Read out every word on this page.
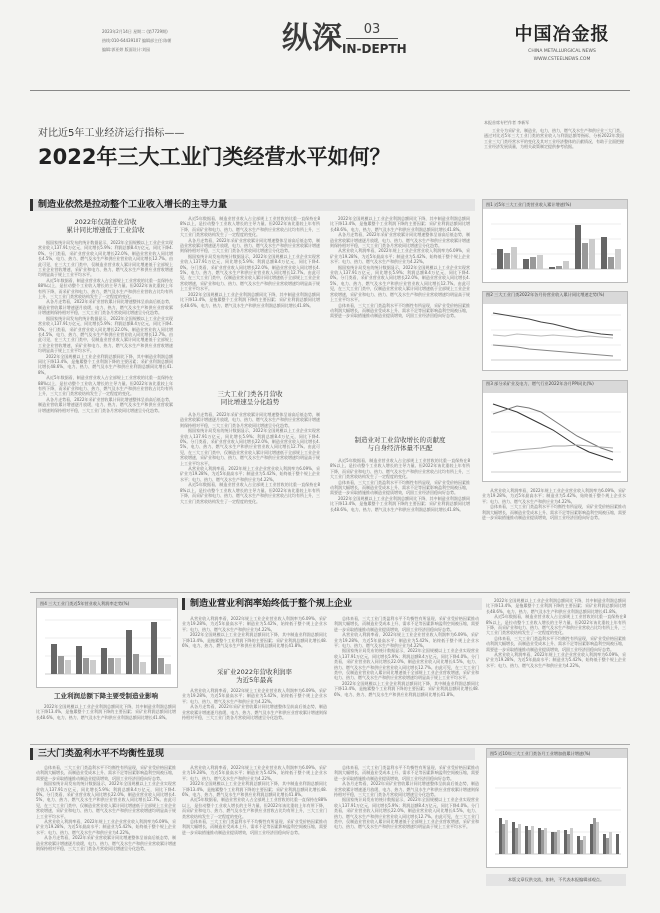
2023年2月14日 星期二 (第7729期)
热线:010-64439107 编辑部主任:陈朝
编辑:郭亚婷 版面设计:刘园	纵深	03
IN-DEPTH
中国冶金报
CHINA METALLURGICAL NEWS
WWW.CSTEELNEWS.COM
对比近5年工业经济运行指标——
2022年三大工业门类经营水平如何？
本报首席专栏作者 李新军

工业分为采矿业，制造业，电力，热力，燃气及水生产和供应业三大门类。通过对比近5年三大工业门类的营业收入与利润总额等指标，分析2022年我国工业三大门类经营水平的变化及其对工业经济整体的贡献情况，有助于全面把握工业经济发展质量，为相关政策制定提供参考依据。

制造业依然是拉动整个工业收入增长的主导力量
2022年仅制造业营收
累计同比增速低于工业营收

据国家统计局发布的统计数据显示，2022年全国规模以上工业企业实现营业收入137.91万亿元，同比增长5.9%；利润总额8.4万亿元，同比下降4.0%。分门类看，采矿业营业收入同比增长22.0%，制造业营业收入同比增长4.5%，电力、热力、燃气及水生产和供应业营业收入同比增长12.7%。由此可见，在三大工业门类中，仅制造业营业收入累计同比增速低于全部规上工业企业营收增速，采矿业和电力、热力、燃气及水生产和供应业营收增速均明显高于规上工业平均水平。

从近5年数据看，制造业营业收入占全部规上工业营收的比重一直保持在88%以上，是拉动整个工业收入增长的主导力量。但2022年该比重较上年有所下降，而采矿业和电力、热力、燃气及水生产和供应业营收占比均有所上升，三大工业门类营收结构发生了一定程度的变化。

从各月走势看，2022年采矿业营收累计同比增速整体呈前高后低态势，制造业营收累计增速逐月放缓，电力、热力、燃气及水生产和供应业营收累计增速则保持相对平稳，三大工业门类各月营收同比增速呈分化趋势。

据国家统计局发布的统计数据显示，2022年全国规模以上工业企业实现营业收入137.91万亿元，同比增长5.9%；利润总额8.4万亿元，同比下降4.0%。分门类看，采矿业营业收入同比增长22.0%，制造业营业收入同比增长4.5%，电力、热力、燃气及水生产和供应业营业收入同比增长12.7%。由此可见，在三大工业门类中，仅制造业营业收入累计同比增速低于全部规上工业企业营收增速，采矿业和电力、热力、燃气及水生产和供应业营收增速均明显高于规上工业平均水平。

2022年全国规模以上工业企业利润总额同比下降，其中制造业利润总额同比下降13.4%，是拖累整个工业利润下降的主要因素；采矿业利润总额同比增长48.6%，电力、热力、燃气及水生产和供应业利润总额同比增长41.8%。

从近5年数据看，制造业营业收入占全部规上工业营收的比重一直保持在88%以上，是拉动整个工业收入增长的主导力量。但2022年该比重较上年有所下降，而采矿业和电力、热力、燃气及水生产和供应业营收占比均有所上升，三大工业门类营收结构发生了一定程度的变化。

从各月走势看，2022年采矿业营收累计同比增速整体呈前高后低态势，制造业营收累计增速逐月放缓，电力、热力、燃气及水生产和供应业营收累计增速则保持相对平稳，三大工业门类各月营收同比增速呈分化趋势。

从近5年数据看，制造业营业收入占全部规上工业营收的比重一直保持在88%以上，是拉动整个工业收入增长的主导力量。但2022年该比重较上年有所下降，而采矿业和电力、热力、燃气及水生产和供应业营收占比均有所上升，三大工业门类营收结构发生了一定程度的变化。

从各月走势看，2022年采矿业营收累计同比增速整体呈前高后低态势，制造业营收累计增速逐月放缓，电力、热力、燃气及水生产和供应业营收累计增速则保持相对平稳，三大工业门类各月营收同比增速呈分化趋势。

据国家统计局发布的统计数据显示，2022年全国规模以上工业企业实现营业收入137.91万亿元，同比增长5.9%；利润总额8.4万亿元，同比下降4.0%。分门类看，采矿业营业收入同比增长22.0%，制造业营业收入同比增长4.5%，电力、热力、燃气及水生产和供应业营业收入同比增长12.7%。由此可见，在三大工业门类中，仅制造业营业收入累计同比增速低于全部规上工业企业营收增速，采矿业和电力、热力、燃气及水生产和供应业营收增速均明显高于规上工业平均水平。

2022年全国规模以上工业企业利润总额同比下降，其中制造业利润总额同比下降13.4%，是拖累整个工业利润下降的主要因素；采矿业利润总额同比增长48.6%，电力、热力、燃气及水生产和供应业利润总额同比增长41.8%。

三大工业门类各月营收
同比增速呈分化趋势

从各月走势看，2022年采矿业营收累计同比增速整体呈前高后低态势，制造业营收累计增速逐月放缓，电力、热力、燃气及水生产和供应业营收累计增速则保持相对平稳，三大工业门类各月营收同比增速呈分化趋势。

据国家统计局发布的统计数据显示，2022年全国规模以上工业企业实现营业收入137.91万亿元，同比增长5.9%；利润总额8.4万亿元，同比下降4.0%。分门类看，采矿业营业收入同比增长22.0%，制造业营业收入同比增长4.5%，电力、热力、燃气及水生产和供应业营业收入同比增长12.7%。由此可见，在三大工业门类中，仅制造业营业收入累计同比增速低于全部规上工业企业营收增速，采矿业和电力、热力、燃气及水生产和供应业营收增速均明显高于规上工业平均水平。

从营业收入利润率看，2022年规上工业企业营业收入利润率为6.09%，采矿业为19.28%，为近5年最高水平；制造业为5.42%，始终低于整个规上企业水平；电力、热力、燃气及水生产和供应业为4.22%。

从近5年数据看，制造业营业收入占全部规上工业营收的比重一直保持在88%以上，是拉动整个工业收入增长的主导力量。但2022年该比重较上年有所下降，而采矿业和电力、热力、燃气及水生产和供应业营收占比均有所上升，三大工业门类营收结构发生了一定程度的变化。

2022年全国规模以上工业企业利润总额同比下降，其中制造业利润总额同比下降13.4%，是拖累整个工业利润下降的主要因素；采矿业利润总额同比增长48.6%，电力、热力、燃气及水生产和供应业利润总额同比增长41.8%。

从各月走势看，2022年采矿业营收累计同比增速整体呈前高后低态势，制造业营收累计增速逐月放缓，电力、热力、燃气及水生产和供应业营收累计增速则保持相对平稳，三大工业门类各月营收同比增速呈分化趋势。

从营业收入利润率看，2022年规上工业企业营业收入利润率为6.09%，采矿业为19.28%，为近5年最高水平；制造业为5.42%，始终低于整个规上企业水平；电力、热力、燃气及水生产和供应业为4.22%。

据国家统计局发布的统计数据显示，2022年全国规模以上工业企业实现营业收入137.91万亿元，同比增长5.9%；利润总额8.4万亿元，同比下降4.0%。分门类看，采矿业营业收入同比增长22.0%，制造业营业收入同比增长4.5%，电力、热力、燃气及水生产和供应业营业收入同比增长12.7%。由此可见，在三大工业门类中，仅制造业营业收入累计同比增速低于全部规上工业企业营收增速，采矿业和电力、热力、燃气及水生产和供应业营收增速均明显高于规上工业平均水平。

总体来看，三大工业门类盈利水平不均衡性有所显现，采矿业受价格因素推动利润大幅增长，而制造业受成本上升、需求不足等因素影响盈利空间被压缩，需要进一步采取措施推动制造业提质增效，巩固工业经济回稳向好态势。

制造业对工业营收增长的贡献度
与自身经济体量不匹配

从近5年数据看，制造业营业收入占全部规上工业营收的比重一直保持在88%以上，是拉动整个工业收入增长的主导力量。但2022年该比重较上年有所下降，而采矿业和电力、热力、燃气及水生产和供应业营收占比均有所上升，三大工业门类营收结构发生了一定程度的变化。

总体来看，三大工业门类盈利水平不均衡性有所显现，采矿业受价格因素推动利润大幅增长，而制造业受成本上升、需求不足等因素影响盈利空间被压缩，需要进一步采取措施推动制造业提质增效，巩固工业经济回稳向好态势。

2022年全国规模以上工业企业利润总额同比下降，其中制造业利润总额同比下降13.4%，是拖累整个工业利润下降的主要因素；采矿业利润总额同比增长48.6%，电力、热力、燃气及水生产和供应业利润总额同比增长41.8%。

图1 近5年三大工业门类营业收入累计增速(%)
图2 三大工业门类2022年各月份营业收入累计同比增速走势(%)
图3 部分采矿业及电力、燃气行业2022年各月PPI同比(%)

从营业收入利润率看，2022年规上工业企业营业收入利润率为6.09%，采矿业为19.28%，为近5年最高水平；制造业为5.42%，始终低于整个规上企业水平；电力、热力、燃气及水生产和供应业为4.22%。

总体来看，三大工业门类盈利水平不均衡性有所显现，采矿业受价格因素推动利润大幅增长，而制造业受成本上升、需求不足等因素影响盈利空间被压缩，需要进一步采取措施推动制造业提质增效，巩固工业经济回稳向好态势。

图4 三大工业门类近5年营业收入利润率走势(%)
工业利润总额下降主要受制造业影响

2022年全国规模以上工业企业利润总额同比下降，其中制造业利润总额同比下降13.4%，是拖累整个工业利润下降的主要因素；采矿业利润总额同比增长48.6%，电力、热力、燃气及水生产和供应业利润总额同比增长41.8%。

制造业营业利润率始终低于整个规上企业

从营业收入利润率看，2022年规上工业企业营业收入利润率为6.09%，采矿业为19.28%，为近5年最高水平；制造业为5.42%，始终低于整个规上企业水平；电力、热力、燃气及水生产和供应业为4.22%。

2022年全国规模以上工业企业利润总额同比下降，其中制造业利润总额同比下降13.4%，是拖累整个工业利润下降的主要因素；采矿业利润总额同比增长48.6%，电力、热力、燃气及水生产和供应业利润总额同比增长41.8%。

采矿业2022年营收利润率
为近5年最高

从营业收入利润率看，2022年规上工业企业营业收入利润率为6.09%，采矿业为19.28%，为近5年最高水平；制造业为5.42%，始终低于整个规上企业水平；电力、热力、燃气及水生产和供应业为4.22%。

从各月走势看，2022年采矿业营收累计同比增速整体呈前高后低态势，制造业营收累计增速逐月放缓，电力、热力、燃气及水生产和供应业营收累计增速则保持相对平稳，三大工业门类各月营收同比增速呈分化趋势。

总体来看，三大工业门类盈利水平不均衡性有所显现，采矿业受价格因素推动利润大幅增长，而制造业受成本上升、需求不足等因素影响盈利空间被压缩，需要进一步采取措施推动制造业提质增效，巩固工业经济回稳向好态势。

从营业收入利润率看，2022年规上工业企业营业收入利润率为6.09%，采矿业为19.28%，为近5年最高水平；制造业为5.42%，始终低于整个规上企业水平；电力、热力、燃气及水生产和供应业为4.22%。

据国家统计局发布的统计数据显示，2022年全国规模以上工业企业实现营业收入137.91万亿元，同比增长5.9%；利润总额8.4万亿元，同比下降4.0%。分门类看，采矿业营业收入同比增长22.0%，制造业营业收入同比增长4.5%，电力、热力、燃气及水生产和供应业营业收入同比增长12.7%。由此可见，在三大工业门类中，仅制造业营业收入累计同比增速低于全部规上工业企业营收增速，采矿业和电力、热力、燃气及水生产和供应业营收增速均明显高于规上工业平均水平。

2022年全国规模以上工业企业利润总额同比下降，其中制造业利润总额同比下降13.4%，是拖累整个工业利润下降的主要因素；采矿业利润总额同比增长48.6%，电力、热力、燃气及水生产和供应业利润总额同比增长41.8%。

2022年全国规模以上工业企业利润总额同比下降，其中制造业利润总额同比下降13.4%，是拖累整个工业利润下降的主要因素；采矿业利润总额同比增长48.6%，电力、热力、燃气及水生产和供应业利润总额同比增长41.8%。

从近5年数据看，制造业营业收入占全部规上工业营收的比重一直保持在88%以上，是拉动整个工业收入增长的主导力量。但2022年该比重较上年有所下降，而采矿业和电力、热力、燃气及水生产和供应业营收占比均有所上升，三大工业门类营收结构发生了一定程度的变化。

总体来看，三大工业门类盈利水平不均衡性有所显现，采矿业受价格因素推动利润大幅增长，而制造业受成本上升、需求不足等因素影响盈利空间被压缩，需要进一步采取措施推动制造业提质增效，巩固工业经济回稳向好态势。

从营业收入利润率看，2022年规上工业企业营业收入利润率为6.09%，采矿业为19.28%，为近5年最高水平；制造业为5.42%，始终低于整个规上企业水平；电力、热力、燃气及水生产和供应业为4.22%。

三大门类盈利水平不均衡性显现

总体来看，三大工业门类盈利水平不均衡性有所显现，采矿业受价格因素推动利润大幅增长，而制造业受成本上升、需求不足等因素影响盈利空间被压缩，需要进一步采取措施推动制造业提质增效，巩固工业经济回稳向好态势。

据国家统计局发布的统计数据显示，2022年全国规模以上工业企业实现营业收入137.91万亿元，同比增长5.9%；利润总额8.4万亿元，同比下降4.0%。分门类看，采矿业营业收入同比增长22.0%，制造业营业收入同比增长4.5%，电力、热力、燃气及水生产和供应业营业收入同比增长12.7%。由此可见，在三大工业门类中，仅制造业营业收入累计同比增速低于全部规上工业企业营收增速，采矿业和电力、热力、燃气及水生产和供应业营收增速均明显高于规上工业平均水平。

从营业收入利润率看，2022年规上工业企业营业收入利润率为6.09%，采矿业为19.28%，为近5年最高水平；制造业为5.42%，始终低于整个规上企业水平；电力、热力、燃气及水生产和供应业为4.22%。

从各月走势看，2022年采矿业营收累计同比增速整体呈前高后低态势，制造业营收累计增速逐月放缓，电力、热力、燃气及水生产和供应业营收累计增速则保持相对平稳，三大工业门类各月营收同比增速呈分化趋势。

从营业收入利润率看，2022年规上工业企业营业收入利润率为6.09%，采矿业为19.28%，为近5年最高水平；制造业为5.42%，始终低于整个规上企业水平；电力、热力、燃气及水生产和供应业为4.22%。

2022年全国规模以上工业企业利润总额同比下降，其中制造业利润总额同比下降13.4%，是拖累整个工业利润下降的主要因素；采矿业利润总额同比增长48.6%，电力、热力、燃气及水生产和供应业利润总额同比增长41.8%。

从近5年数据看，制造业营业收入占全部规上工业营收的比重一直保持在88%以上，是拉动整个工业收入增长的主导力量。但2022年该比重较上年有所下降，而采矿业和电力、热力、燃气及水生产和供应业营收占比均有所上升，三大工业门类营收结构发生了一定程度的变化。

总体来看，三大工业门类盈利水平不均衡性有所显现，采矿业受价格因素推动利润大幅增长，而制造业受成本上升、需求不足等因素影响盈利空间被压缩，需要进一步采取措施推动制造业提质增效，巩固工业经济回稳向好态势。

总体来看，三大工业门类盈利水平不均衡性有所显现，采矿业受价格因素推动利润大幅增长，而制造业受成本上升、需求不足等因素影响盈利空间被压缩，需要进一步采取措施推动制造业提质增效，巩固工业经济回稳向好态势。

从各月走势看，2022年采矿业营收累计同比增速整体呈前高后低态势，制造业营收累计增速逐月放缓，电力、热力、燃气及水生产和供应业营收累计增速则保持相对平稳，三大工业门类各月营收同比增速呈分化趋势。

据国家统计局发布的统计数据显示，2022年全国规模以上工业企业实现营业收入137.91万亿元，同比增长5.9%；利润总额8.4万亿元，同比下降4.0%。分门类看，采矿业营业收入同比增长22.0%，制造业营业收入同比增长4.5%，电力、热力、燃气及水生产和供应业营业收入同比增长12.7%。由此可见，在三大工业门类中，仅制造业营业收入累计同比增速低于全部规上工业企业营收增速，采矿业和电力、热力、燃气及水生产和供应业营收增速均明显高于规上工业平均水平。

图5 近10年三大工业门类各月工业增加值累计增速(%)
本版文章仅供交流，如转，不代表本报编辑部观点。
